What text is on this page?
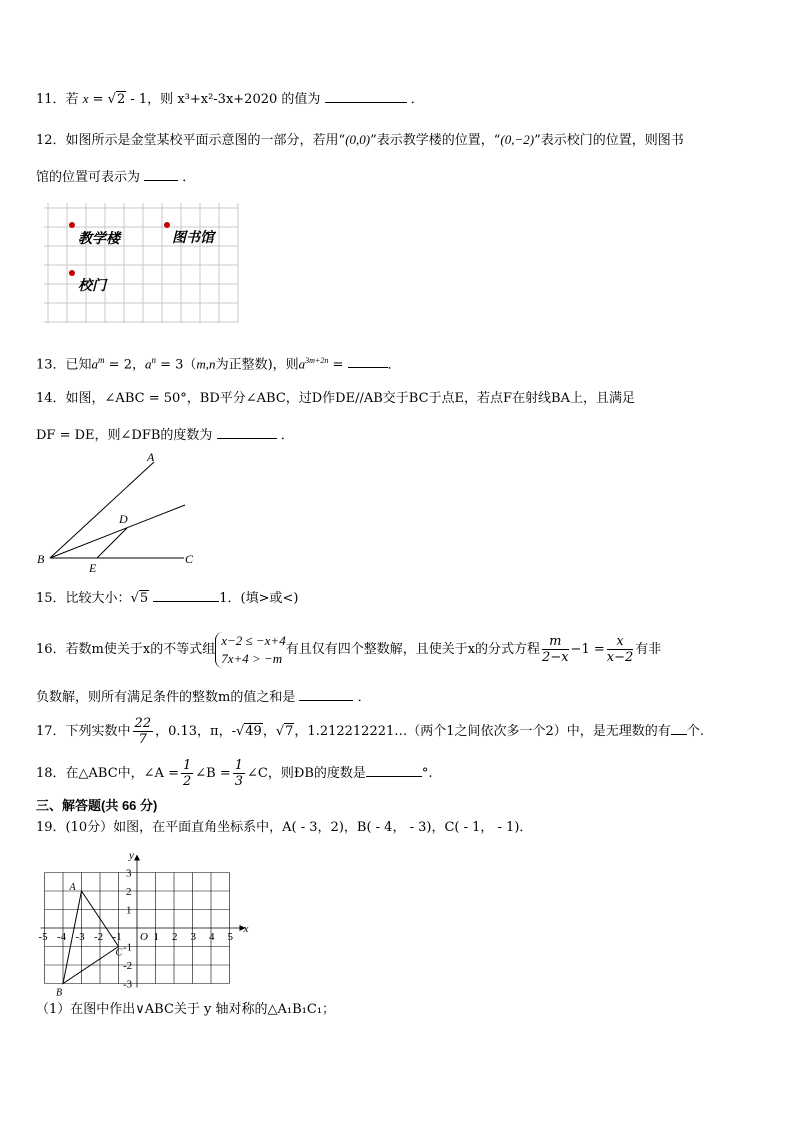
11．若 x = √2 - 1，则 x³+x²-3x+2020 的值为	．
12．如图所示是金堂某校平面示意图的一部分，若用“(0,0)”表示教学楼的位置，“(0,−2)”表示校门的位置，则图书
馆的位置可表示为	．
教学楼	图书馆
校门
13．已知$a^m = 2$，$a^n = 3(m,n$为正整数)，则$a^{3m+2n}$ =	．
14．如图，∠ABC = 50°，BD平分∠ABC，过D作DE//AB交于BC于点E，若点F在射线BA上，且满足
DF = DE，则∠DFB的度数为	．
A
B	C
D
E
15．比较大小：√5	1．(填>或<)
16．若数m使关于x的不等式组
x−2 ≤ −x+4
7x+4 > −m
有且仅有四个整数解，且使关于x的分式方程 $\frac{m}{2-x} -1 = \frac{x}{x-2}$ 有非
负数解，则所有满足条件的整数m的值之和是	．
17．下列实数中 $\frac{22}{7}$ ，0.13，π，-√49，√7，1.212212221…（两个1之间依次多一个2）中，是无理数的有 个.
18．在△ABC中，∠A = $\frac{1}{2}$ ∠B = $\frac{1}{3}$ ∠C，则ÐB的度数是	°.
三、解答题(共 66 分)
19．(10分）如图，在平面直角坐标系中，A( - 3，2)，B( - 4， - 3)，C( - 1， - 1)．
-5 -4 -3 -2 -1	1 2 3 4 5
3
2
1
-1
-2
-3
x
y
O
A
B
C
（1）在图中作出∨ABC关于 y 轴对称的△A₁B₁C₁；
